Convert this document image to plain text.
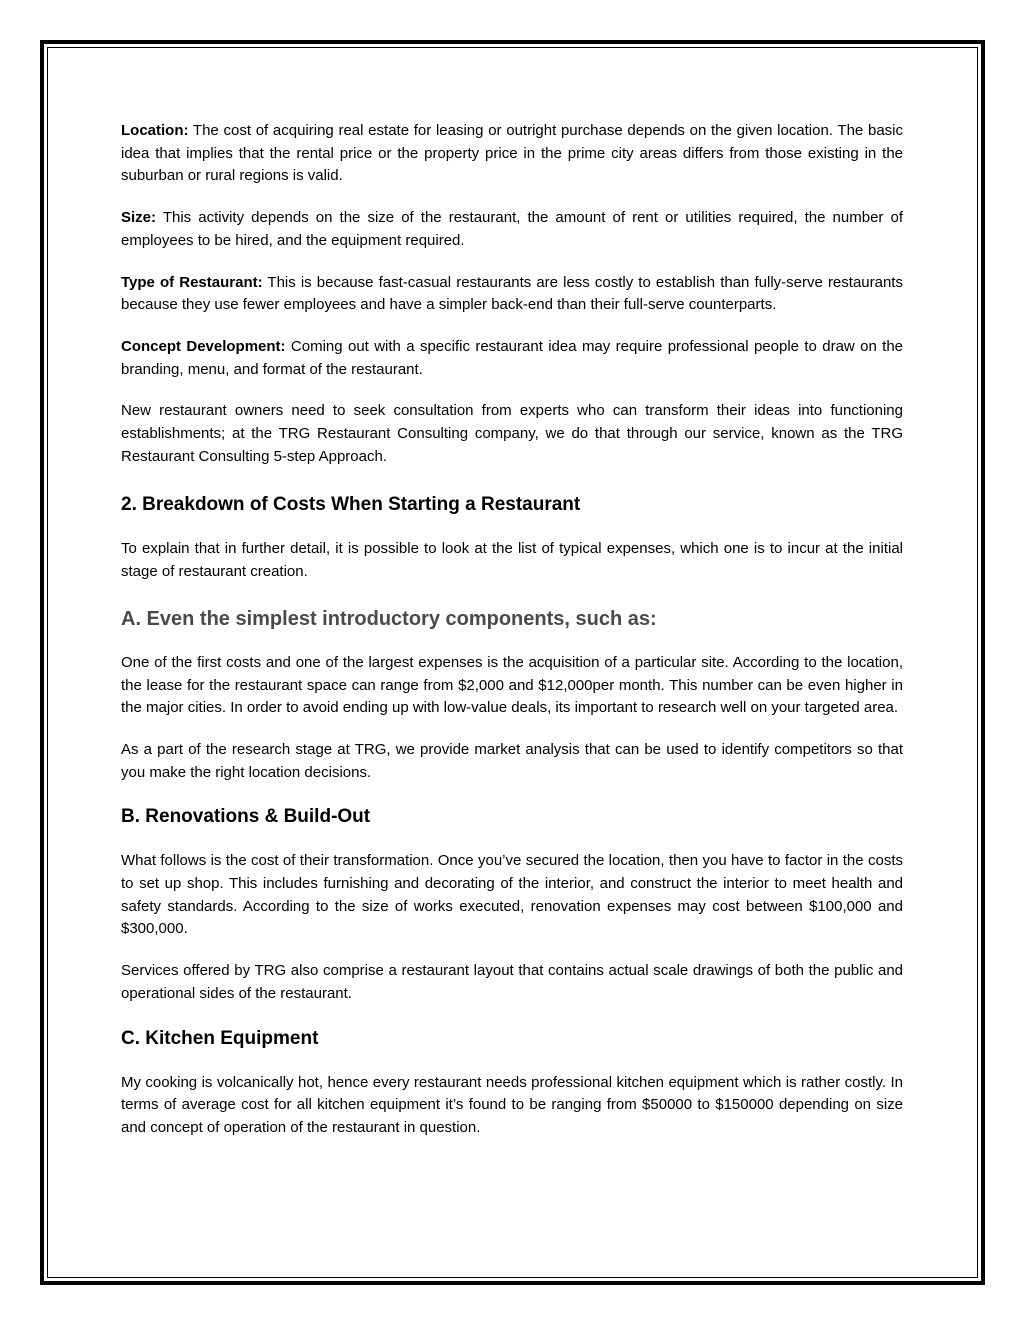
Location: The cost of acquiring real estate for leasing or outright purchase depends on the given location. The basic idea that implies that the rental price or the property price in the prime city areas differs from those existing in the suburban or rural regions is valid.

Size: This activity depends on the size of the restaurant, the amount of rent or utilities required, the number of employees to be hired, and the equipment required.

Type of Restaurant: This is because fast-casual restaurants are less costly to establish than fully-serve restaurants because they use fewer employees and have a simpler back-end than their full-serve counterparts.

Concept Development: Coming out with a specific restaurant idea may require professional people to draw on the branding, menu, and format of the restaurant.

New restaurant owners need to seek consultation from experts who can transform their ideas into functioning establishments; at the TRG Restaurant Consulting company, we do that through our service, known as the TRG Restaurant Consulting 5-step Approach.

2. Breakdown of Costs When Starting a Restaurant

To explain that in further detail, it is possible to look at the list of typical expenses, which one is to incur at the initial stage of restaurant creation.

A. Even the simplest introductory components, such as:

One of the first costs and one of the largest expenses is the acquisition of a particular site. According to the location, the lease for the restaurant space can range from $2,000 and $12,000per month. This number can be even higher in the major cities. In order to avoid ending up with low-value deals, its important to research well on your targeted area.

As a part of the research stage at TRG, we provide market analysis that can be used to identify competitors so that you make the right location decisions.

B. Renovations & Build-Out

What follows is the cost of their transformation. Once you’ve secured the location, then you have to factor in the costs to set up shop. This includes furnishing and decorating of the interior, and construct the interior to meet health and safety standards. According to the size of works executed, renovation expenses may cost between $100,000 and $300,000.

Services offered by TRG also comprise a restaurant layout that contains actual scale drawings of both the public and operational sides of the restaurant.

C. Kitchen Equipment

My cooking is volcanically hot, hence every restaurant needs professional kitchen equipment which is rather costly. In terms of average cost for all kitchen equipment it’s found to be ranging from $50000 to $150000 depending on size and concept of operation of the restaurant in question.
